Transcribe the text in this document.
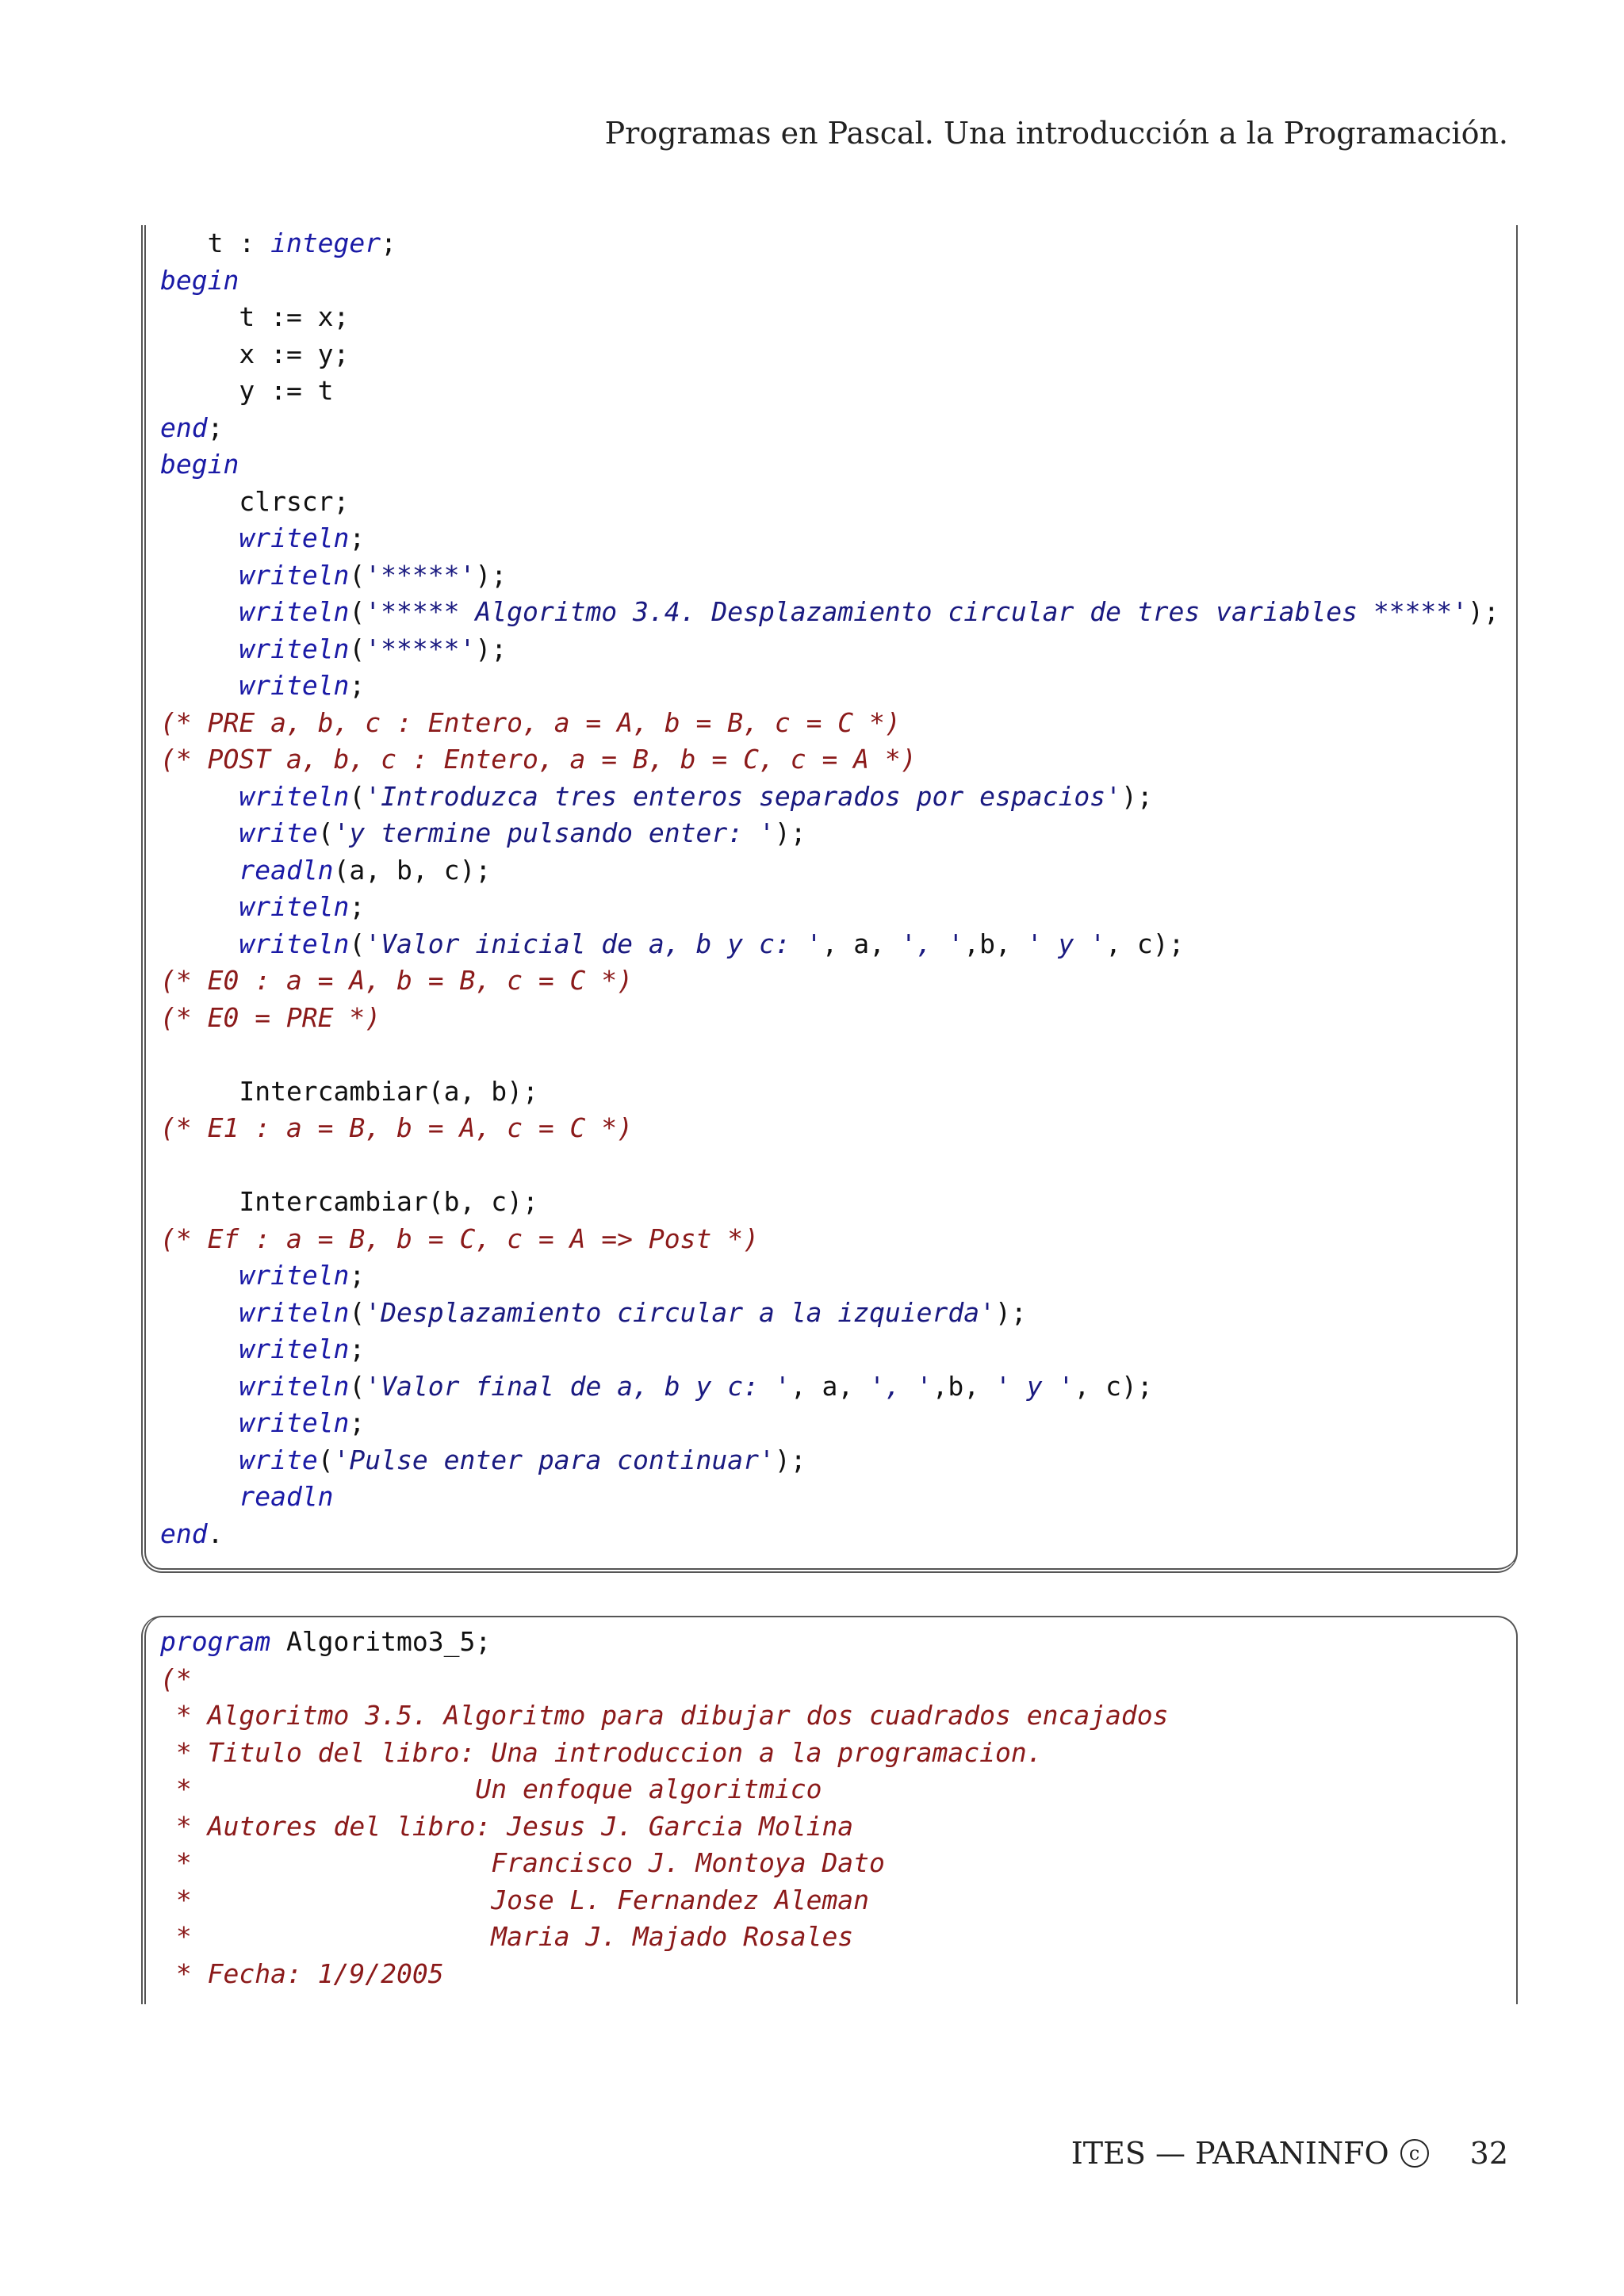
Programas en Pascal. Una introducción a la Programación.
t : integer;
begin
t := x;
x := y;
y := t
end;
begin
clrscr;
writeln;
writeln('*****');
writeln('***** Algoritmo 3.4. Desplazamiento circular de tres variables *****');
writeln('*****');
writeln;
(* PRE a, b, c : Entero, a = A, b = B, c = C *)
(* POST a, b, c : Entero, a = B, b = C, c = A *)
writeln('Introduzca tres enteros separados por espacios');
write('y termine pulsando enter: ');
readln(a, b, c);
writeln;
writeln('Valor inicial de a, b y c: ', a, ', ',b, ' y ', c);
(* E0 : a = A, b = B, c = C *)
(* E0 = PRE *)
Intercambiar(a, b);
(* E1 : a = B, b = A, c = C *)
Intercambiar(b, c);
(* Ef : a = B, b = C, c = A => Post *)
writeln;
writeln('Desplazamiento circular a la izquierda');
writeln;
writeln('Valor final de a, b y c: ', a, ', ',b, ' y ', c);
writeln;
write('Pulse enter para continuar');
readln
end.
program Algoritmo3_5;
(*
* Algoritmo 3.5. Algoritmo para dibujar dos cuadrados encajados
* Titulo del libro: Una introduccion a la programacion.
*                  Un enfoque algoritmico
* Autores del libro: Jesus J. Garcia Molina
*                   Francisco J. Montoya Dato
*                   Jose L. Fernandez Aleman
*                   Maria J. Majado Rosales
* Fecha: 1/9/2005
ITES — PARANINFO	c 32
